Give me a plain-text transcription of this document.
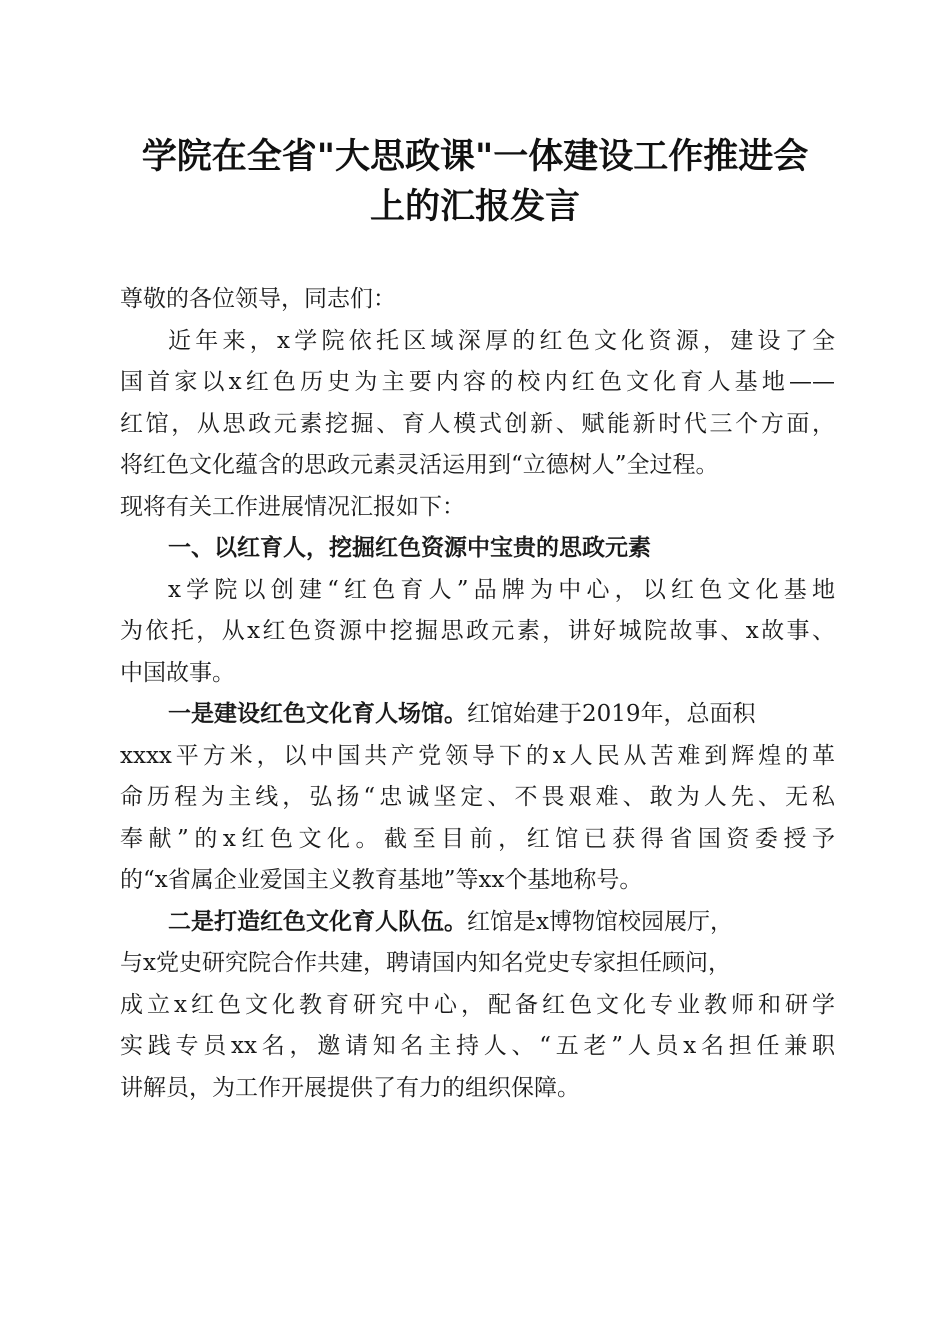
学院在全省"大思政课"一体建设工作推进会
上的汇报发言
尊敬的各位领导，同志们：
近年来，x学院依托区域深厚的红色文化资源，建设了全
国首家以x红色历史为主要内容的校内红色文化育人基地——
红馆，从思政元素挖掘、育人模式创新、赋能新时代三个方面，
将红色文化蕴含的思政元素灵活运用到“立德树人”全过程。
现将有关工作进展情况汇报如下：
一、以红育人，挖掘红色资源中宝贵的思政元素
x学院以创建“红色育人”品牌为中心，以红色文化基地
为依托，从x红色资源中挖掘思政元素，讲好城院故事、x故事、
中国故事。
一是建设红色文化育人场馆。红馆始建于2019年，总面积
xxxx平方米，以中国共产党领导下的x人民从苦难到辉煌的革
命历程为主线，弘扬“忠诚坚定、不畏艰难、敢为人先、无私
奉献”的x红色文化。截至目前，红馆已获得省国资委授予
的“x省属企业爱国主义教育基地”等xx个基地称号。
二是打造红色文化育人队伍。红馆是x博物馆校园展厅，
与x党史研究院合作共建，聘请国内知名党史专家担任顾问，
成立x红色文化教育研究中心，配备红色文化专业教师和研学
实践专员xx名，邀请知名主持人、“五老”人员x名担任兼职
讲解员，为工作开展提供了有力的组织保障。
